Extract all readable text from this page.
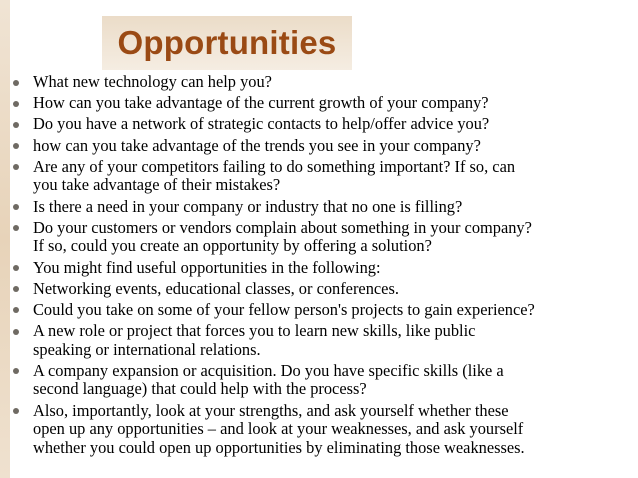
Opportunities
What new technology can help you?
How can you take advantage of the current growth of your company?
Do you have a network of strategic contacts to help/offer advice you?
how can you take advantage of the trends you see in your company?
Are any of your competitors failing to do something important? If so, can
you take advantage of their mistakes?
Is there a need in your company or industry that no one is filling?
Do your customers or vendors complain about something in your company?
If so, could you create an opportunity by offering a solution?
You might find useful opportunities in the following:
Networking events, educational classes, or conferences.
Could you take on some of your fellow person's projects to gain experience?
A new role or project that forces you to learn new skills, like public
speaking or international relations.
A company expansion or acquisition. Do you have specific skills (like a
second language) that could help with the process?
Also, importantly, look at your strengths, and ask yourself whether these
open up any opportunities – and look at your weaknesses, and ask yourself
whether you could open up opportunities by eliminating those weaknesses.
